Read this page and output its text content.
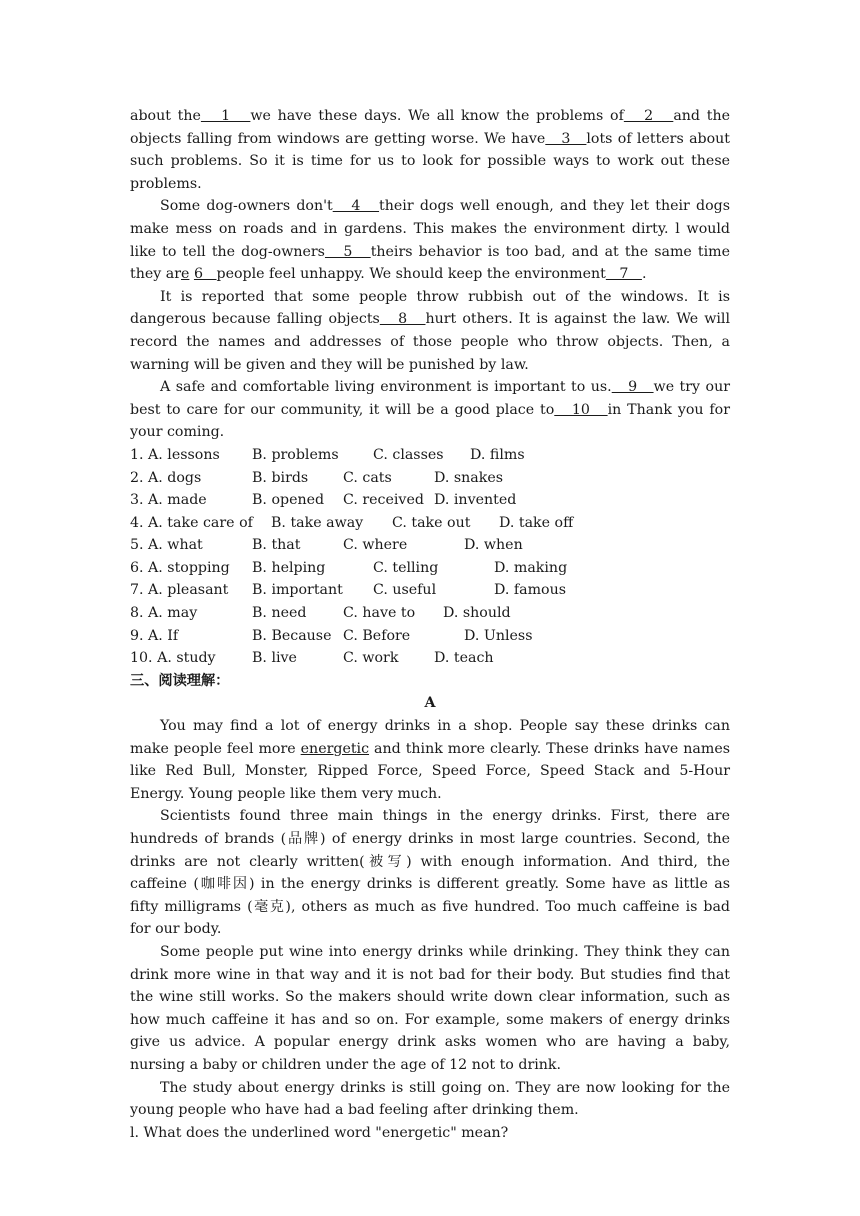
about the   1   we have these days. We all know the problems of   2   and the objects falling from windows are getting worse. We have   3   lots of letters about such problems. So it is time for us to look for possible ways to work out these problems.

Some dog-owners don't   4   their dogs well enough, and they let their dogs make mess on roads and in gardens. This makes the environment dirty. l would like to tell the dog-owners   5   theirs behavior is too bad, and at the same time they are 6   people feel unhappy. We should keep the environment   7   .

It is reported that some people throw rubbish out of the windows. It is dangerous because falling objects   8   hurt others. It is against the law. We will record the names and addresses of those people who throw objects. Then, a warning will be given and they will be punished by law.

A safe and comfortable living environment is important to us.   9   we try our best to care for our community, it will be a good place to   10   in Thank you for your coming.

1. A. lessons	B. problems	C. classes	D. films
2. A. dogs	B. birds	C. cats	D. snakes
3. A. made	B. opened	C. received D. invented
4. A. take care of	B. take away	C. take out	D. take off
5. A. what	B. that	C. where	D. when
6. A. stopping	B. helping	C. telling	D. making
7. A. pleasant	B. important	C. useful	D. famous
8. A. may	B. need	C. have to	D. should
9. A. If	B. Because C. Before	D. Unless
10. A. study	B. live	C. work	D. teach

三、阅读理解：

A

You may find a lot of energy drinks in a shop. People say these drinks can make people feel more energetic and think more clearly. These drinks have names like Red Bull, Monster, Ripped Force, Speed Force, Speed Stack and 5-Hour Energy. Young people like them very much.

Scientists found three main things in the energy drinks. First, there are hundreds of brands (品牌) of energy drinks in most large countries. Second, the drinks are not clearly written(被写) with enough information. And third, the caffeine (咖啡因) in the energy drinks is different greatly. Some have as little as fifty milligrams (毫克), others as much as five hundred. Too much caffeine is bad for our body.

Some people put wine into energy drinks while drinking. They think they can drink more wine in that way and it is not bad for their body. But studies find that the wine still works. So the makers should write down clear information, such as how much caffeine it has and so on. For example, some makers of energy drinks give us advice. A popular energy drink asks women who are having a baby, nursing a baby or children under the age of 12 not to drink.

The study about energy drinks is still going on. They are now looking for the young people who have had a bad feeling after drinking them.

l. What does the underlined word "energetic" mean?
